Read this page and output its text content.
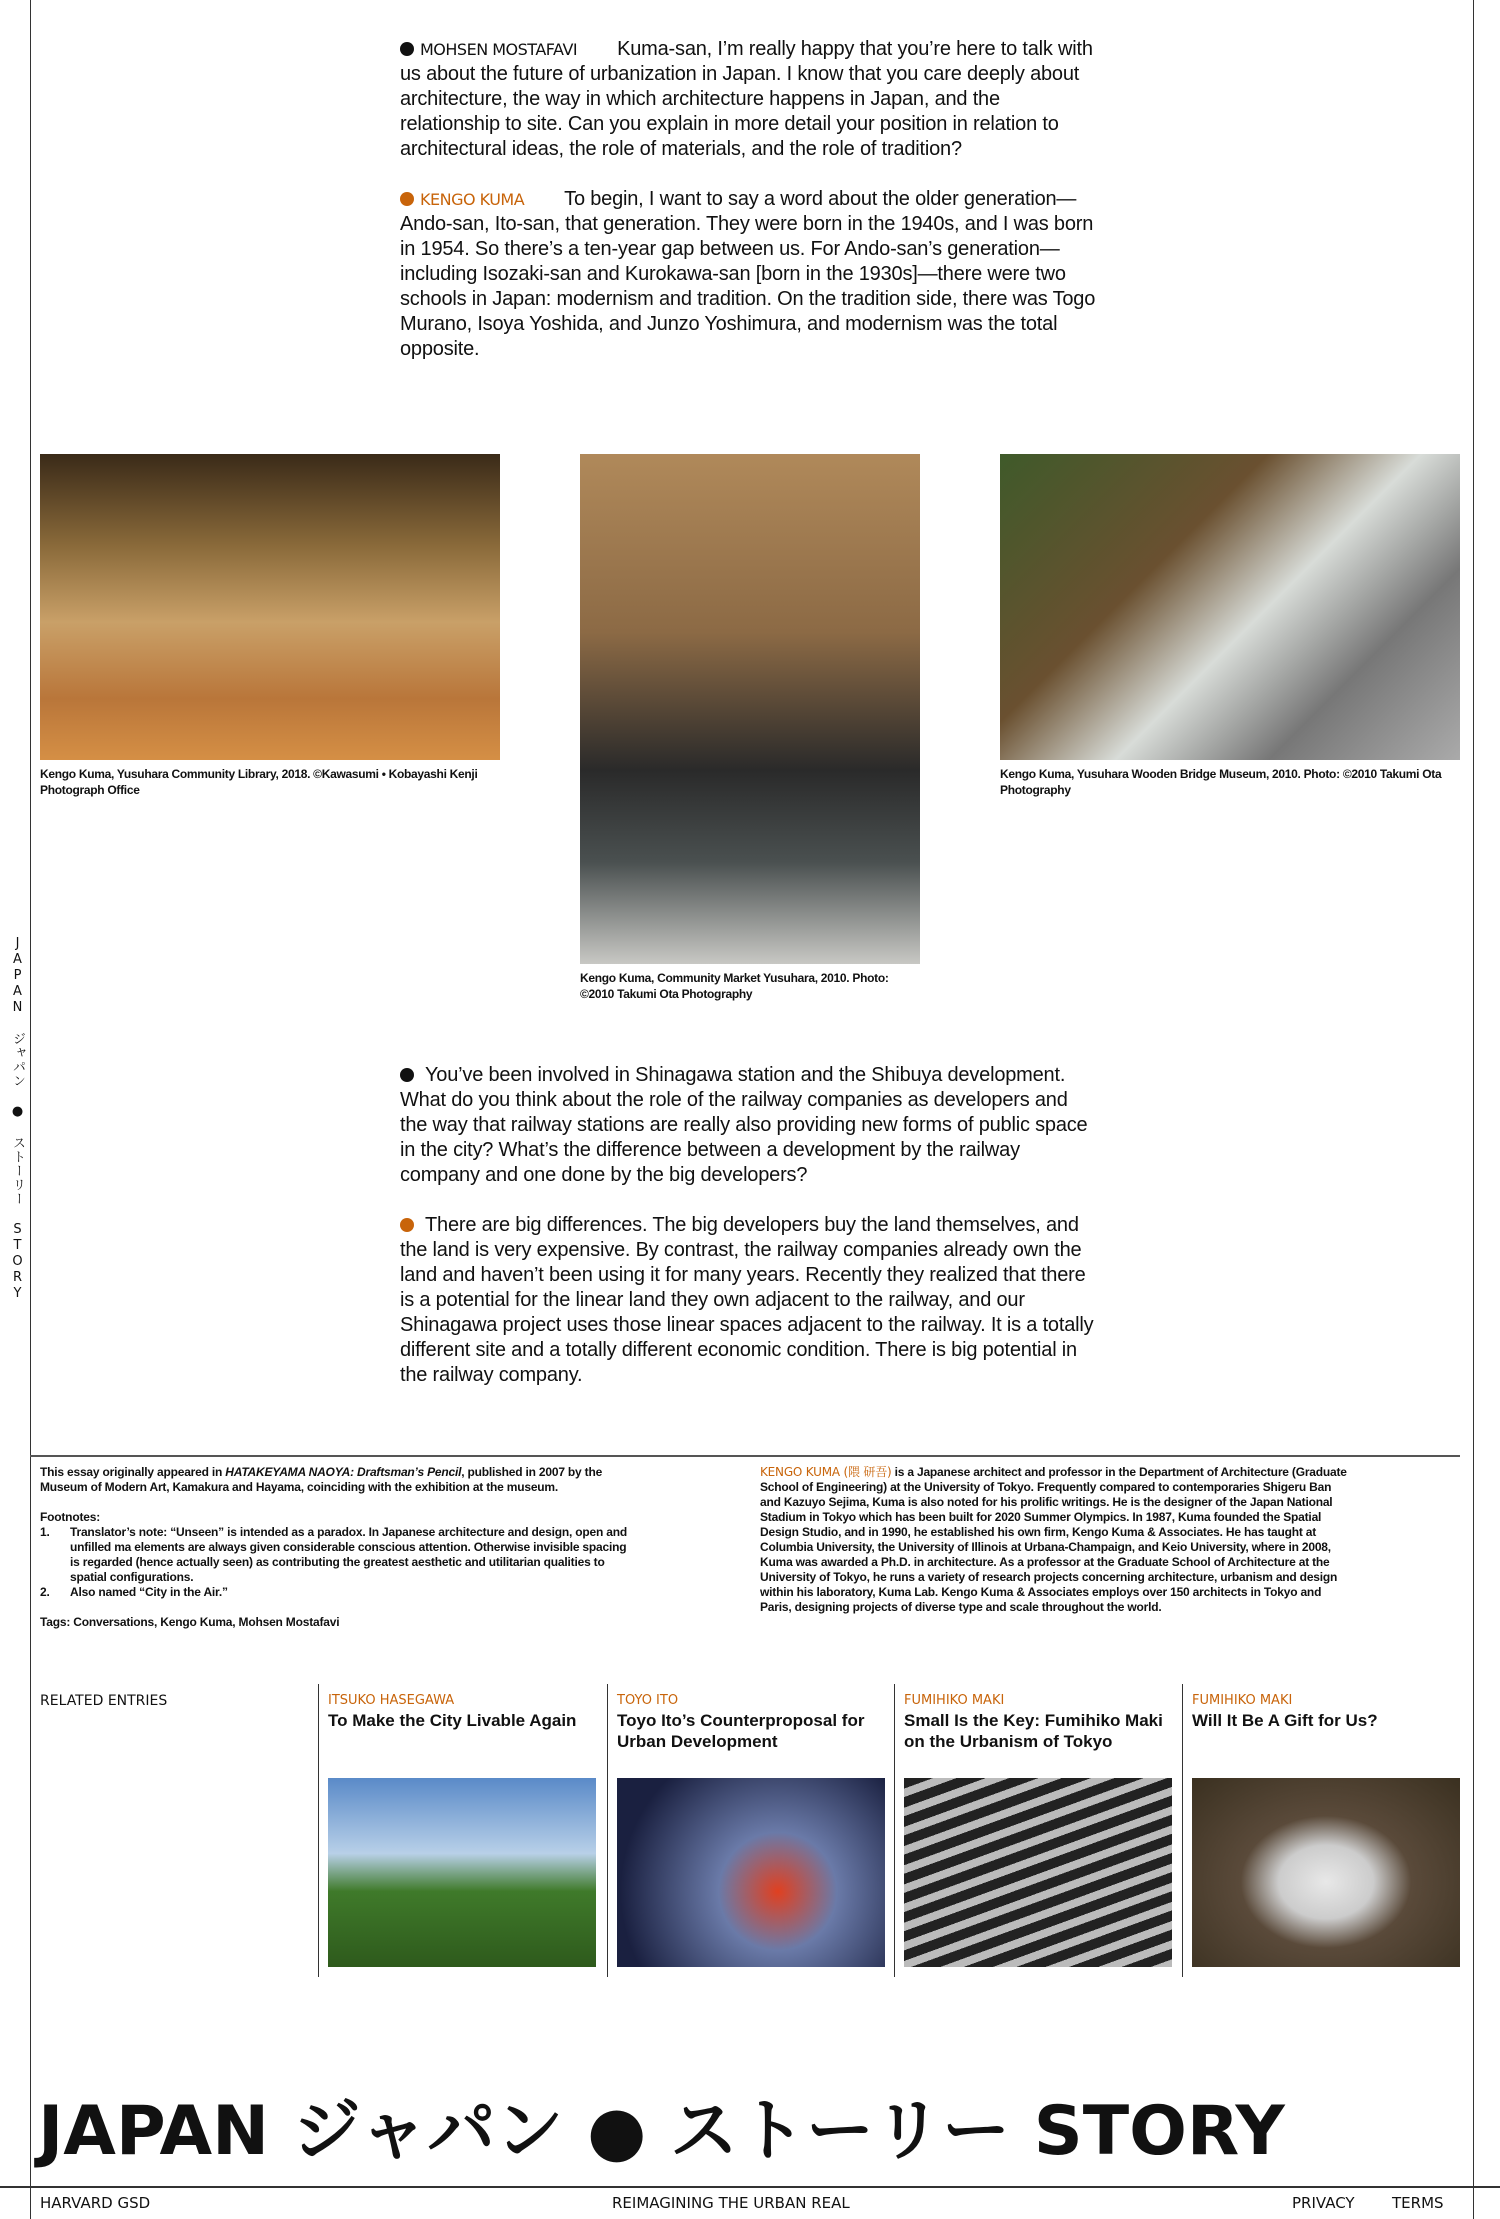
JAPAN ジャパン ● ストーリー STORY

MOHSEN MOSTAFAVI Kuma-san, I’m really happy that you’re here to talk with us about the future of urbanization in Japan. I know that you care deeply about architecture, the way in which architecture happens in Japan, and the relationship to site. Can you explain in more detail your position in relation to architectural ideas, the role of materials, and the role of tradition?

KENGO KUMA To begin, I want to say a word about the older generation—Ando-san, Ito-san, that generation. They were born in the 1940s, and I was born in 1954. So there’s a ten-year gap between us. For Ando-san’s generation—including Isozaki-san and Kurokawa-san [born in the 1930s]—there were two schools in Japan: modernism and tradition. On the tradition side, there was Togo Murano, Isoya Yoshida, and Junzo Yoshimura, and modernism was the total opposite.

Kengo Kuma, Yusuhara Community Library, 2018. ©Kawasumi • Kobayashi Kenji Photograph Office
Kengo Kuma, Community Market Yusuhara, 2010. Photo: ©2010 Takumi Ota Photography
Kengo Kuma, Yusuhara Wooden Bridge Museum, 2010. Photo: ©2010 Takumi Ota Photography

You’ve been involved in Shinagawa station and the Shibuya development. What do you think about the role of the railway companies as developers and the way that railway stations are really also providing new forms of public space in the city? What’s the difference between a development by the railway company and one done by the big developers?

There are big differences. The big developers buy the land themselves, and the land is very expensive. By contrast, the railway companies already own the land and haven’t been using it for many years. Recently they realized that there is a potential for the linear land they own adjacent to the railway, and our Shinagawa project uses those linear spaces adjacent to the railway. It is a totally different site and a totally different economic condition. There is big potential in the railway company.

This essay originally appeared in HATAKEYAMA NAOYA: Draftsman’s Pencil, published in 2007 by the Museum of Modern Art, Kamakura and Hayama, coinciding with the exhibition at the museum.

Footnotes:

1.	Translator’s note: “Unseen” is intended as a paradox. In Japanese architecture and design, open and unfilled ma elements are always given considerable conscious attention. Otherwise invisible spacing is regarded (hence actually seen) as contributing the greatest aesthetic and utilitarian qualities to spatial configurations.
2.	Also named “City in the Air.”

Tags: Conversations, Kengo Kuma, Mohsen Mostafavi

KENGO KUMA (隈 研吾) is a Japanese architect and professor in the Department of Architecture (Graduate School of Engineering) at the University of Tokyo. Frequently compared to contemporaries Shigeru Ban and Kazuyo Sejima, Kuma is also noted for his prolific writings. He is the designer of the Japan National Stadium in Tokyo which has been built for 2020 Summer Olympics. In 1987, Kuma founded the Spatial Design Studio, and in 1990, he established his own firm, Kengo Kuma & Associates. He has taught at Columbia University, the University of Illinois at Urbana-Champaign, and Keio University, where in 2008, Kuma was awarded a Ph.D. in architecture. As a professor at the Graduate School of Architecture at the University of Tokyo, he runs a variety of research projects concerning architecture, urbanism and design within his laboratory, Kuma Lab. Kengo Kuma & Associates employs over 150 architects in Tokyo and Paris, designing projects of diverse type and scale throughout the world.
RELATED ENTRIES	ITSUKO HASEGAWA
To Make the City Livable Again
TOYO ITO
Toyo Ito’s Counterproposal for Urban Development
FUMIHIKO MAKI
Small Is the Key: Fumihiko Maki on the Urbanism of Tokyo
FUMIHIKO MAKI
Will It Be A Gift for Us?
JAPAN ジャパン ● ストーリー STORY
HARVARD GSD	REIMAGINING THE URBAN REAL	PRIVACY TERMS
